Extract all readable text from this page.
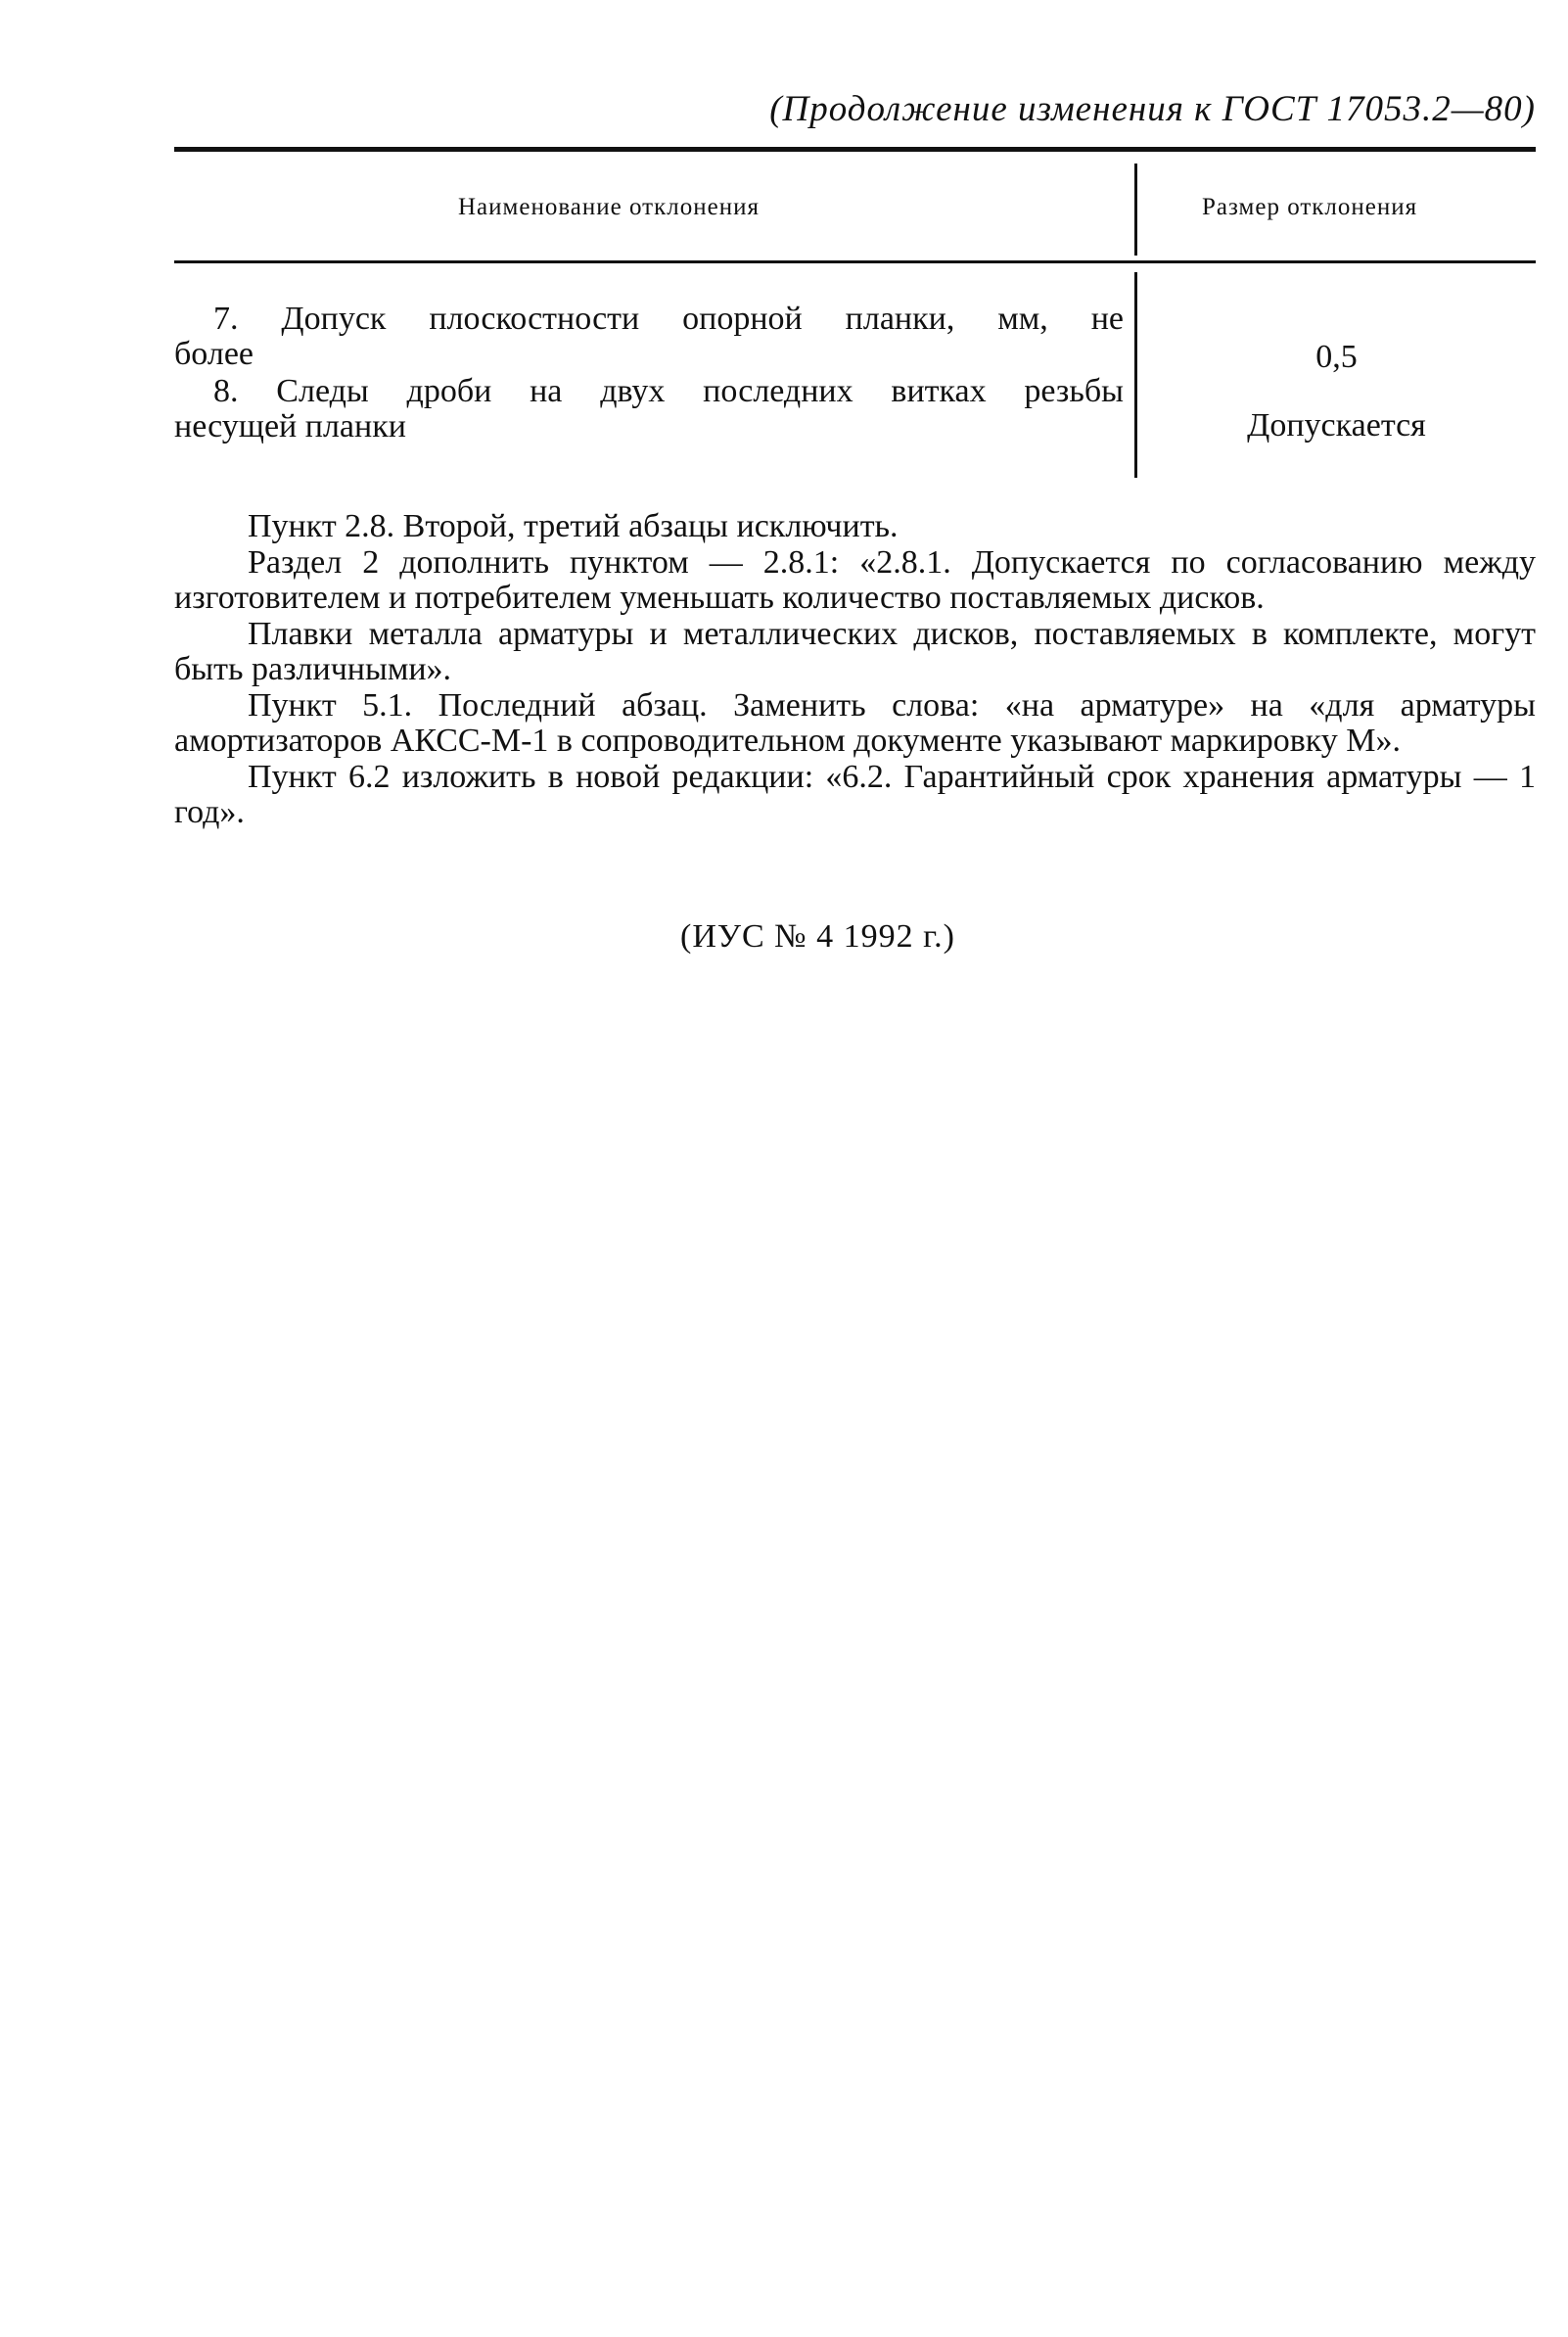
(Продолжение изменения к ГОСТ 17053.2—80)
Наименование отклонения	Размер отклонения
7. Допуск плоскостности опорной планки, мм, не
более	0,5
8. Следы дроби на двух последних витках резьбы
несущей планки	Допускается

Пункт 2.8. Второй, третий абзацы исключить.

Раздел 2 дополнить пунктом — 2.8.1: «2.8.1. Допускается по согласованию между изготовителем и потребителем уменьшать количество поставляемых дисков.

Плавки металла арматуры и металлических дисков, поставляемых в комплекте, могут быть различными».

Пункт 5.1. Последний абзац. Заменить слова: «на арматуре» на «для арматуры амортизаторов АКСС-М-1 в сопроводительном документе указывают маркировку М».

Пункт 6.2 изложить в новой редакции: «6.2. Гарантийный срок хранения арматуры — 1 год».

(ИУС № 4 1992 г.)
